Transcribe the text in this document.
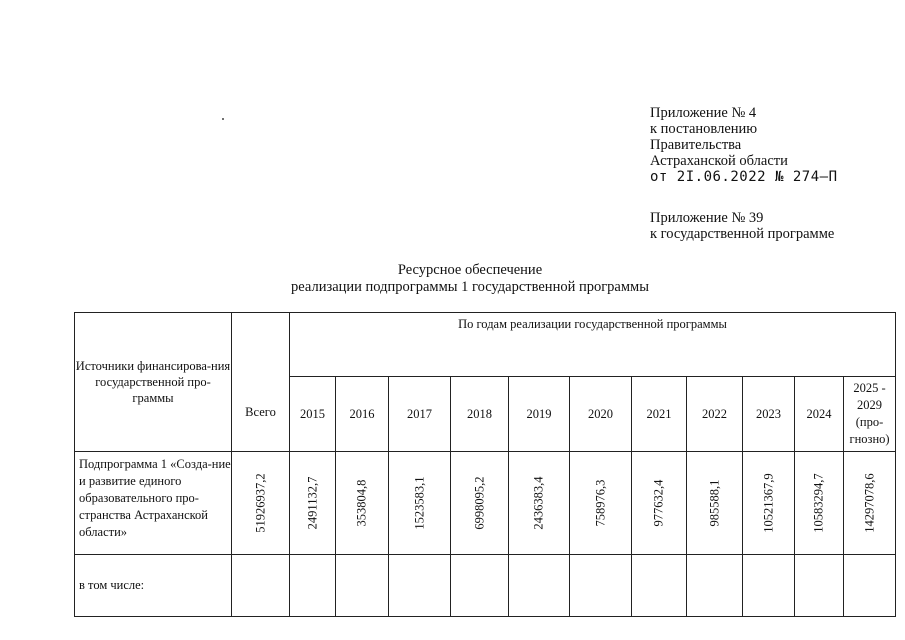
Приложение № 4
к постановлению
Правительства
Астраханской области
от 2I.06.2022 № 274–П
Приложение № 39
к государственной программе
Ресурсное обеспечение
реализации подпрограммы 1 государственной программы
Источники финансирова-ния государственной про-граммы	Всего	По годам реализации государственной программы										
		2015	2016	2017	2018	2019	2020	2021	2022	2023	2024	2025 - 2029 (про-гнозно)
Подпрограмма 1 «Созда-ние и развитие единого образовательного про-странства Астраханской области»	51926937,2	2491132,7	353804,8	1523583,1	6998095,2	2436383,4	758976,3	977632,4	985588,1	10521367,9	10583294,7	14297078,6

в том числе:												
